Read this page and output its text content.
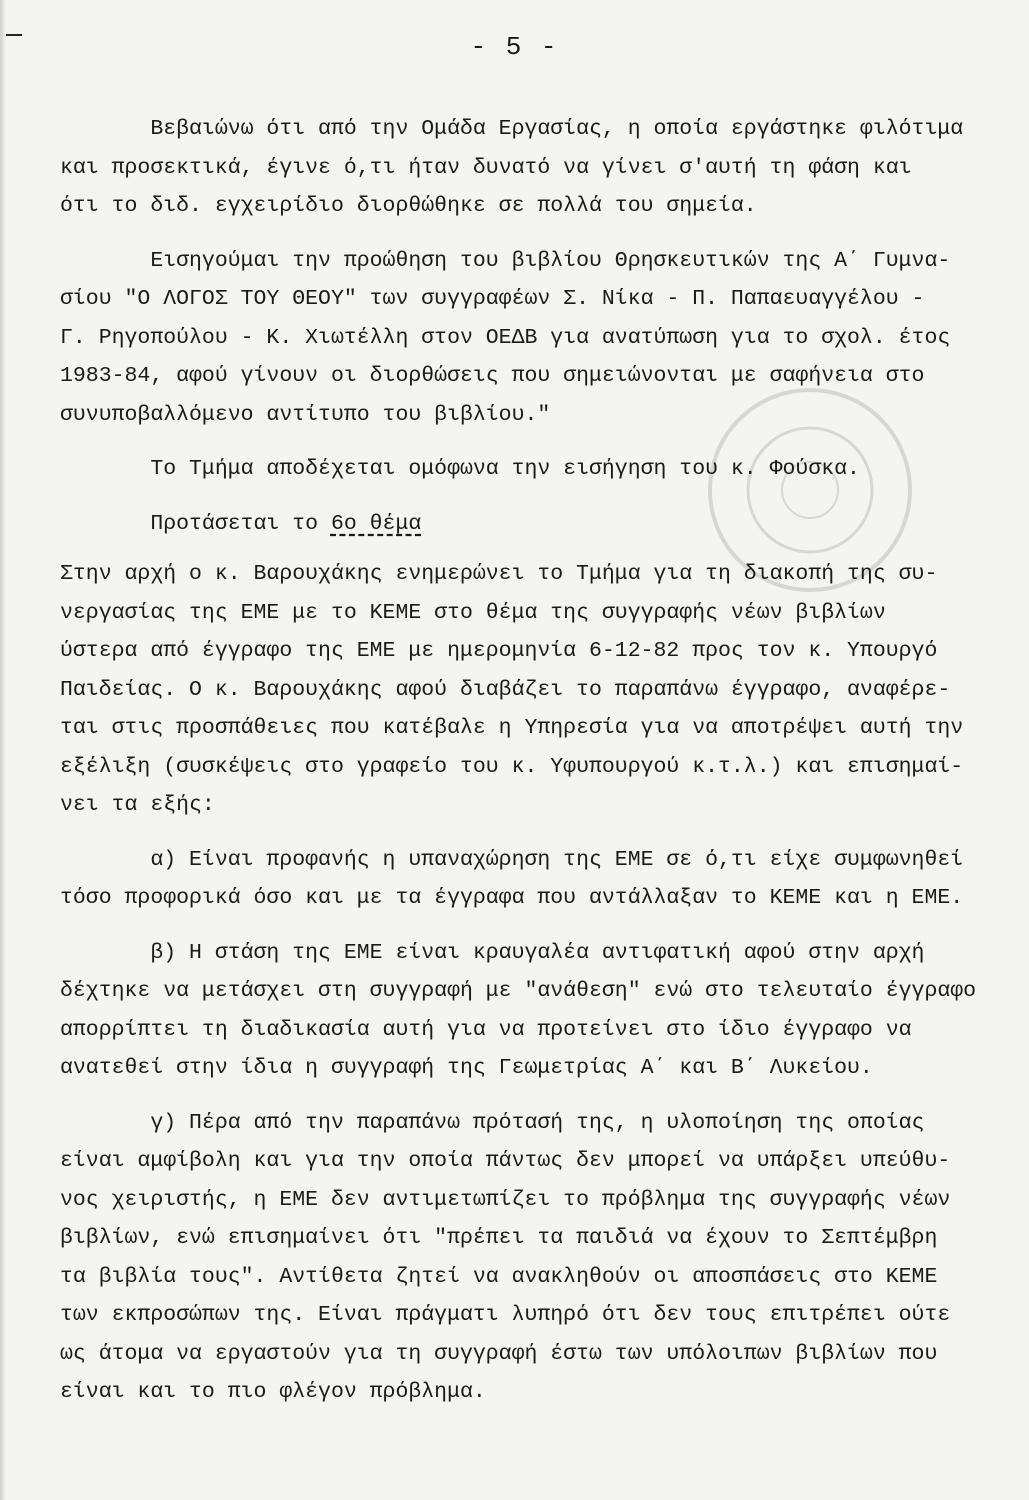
- 5 -

Βεβαιώνω ότι από την Ομάδα Εργασίας, η οποία εργάστηκε φιλότιμα

και προσεκτικά, έγινε ό,τι ήταν δυνατό να γίνει σ'αυτή τη φάση και

ότι το διδ. εγχειρίδιο διορθώθηκε σε πολλά του σημεία.

Εισηγούμαι την προώθηση του βιβλίου Θρησκευτικών της Α΄ Γυμνα-

σίου "Ο ΛΟΓΟΣ ΤΟΥ ΘΕΟΥ" των συγγραφέων Σ. Νίκα - Π. Παπαευαγγέλου -

Γ. Ρηγοπούλου - Κ. Χιωτέλλη στον ΟΕΔΒ για ανατύπωση για το σχολ. έτος

1983-84, αφού γίνουν οι διορθώσεις που σημειώνονται με σαφήνεια στο

συνυποβαλλόμενο αντίτυπο του βιβλίου."

Το Τμήμα αποδέχεται ομόφωνα την εισήγηση του κ. Φούσκα.

Προτάσεται το 6ο θέμα

Στην αρχή ο κ. Βαρουχάκης ενημερώνει το Τμήμα για τη διακοπή της συ-

νεργασίας της ΕΜΕ με το ΚΕΜΕ στο θέμα της συγγραφής νέων βιβλίων

ύστερα από έγγραφο της ΕΜΕ με ημερομηνία 6-12-82 προς τον κ. Υπουργό

Παιδείας. Ο κ. Βαρουχάκης αφού διαβάζει το παραπάνω έγγραφο, αναφέρε-

ται στις προσπάθειες που κατέβαλε η Υπηρεσία για να αποτρέψει αυτή την

εξέλιξη (συσκέψεις στο γραφείο του κ. Υφυπουργού κ.τ.λ.) και επισημαί-

νει τα εξής:

α) Είναι προφανής η υπαναχώρηση της ΕΜΕ σε ό,τι είχε συμφωνηθεί

τόσο προφορικά όσο και με τα έγγραφα που αντάλλαξαν το ΚΕΜΕ και η ΕΜΕ.

β) Η στάση της ΕΜΕ είναι κραυγαλέα αντιφατική αφού στην αρχή

δέχτηκε να μετάσχει στη συγγραφή με "ανάθεση" ενώ στο τελευταίο έγγραφο

απορρίπτει τη διαδικασία αυτή για να προτείνει στο ίδιο έγγραφο να

ανατεθεί στην ίδια η συγγραφή της Γεωμετρίας Α΄ και Β΄ Λυκείου.

γ) Πέρα από την παραπάνω πρότασή της, η υλοποίηση της οποίας

είναι αμφίβολη και για την οποία πάντως δεν μπορεί να υπάρξει υπεύθυ-

νος χειριστής, η ΕΜΕ δεν αντιμετωπίζει το πρόβλημα της συγγραφής νέων

βιβλίων, ενώ επισημαίνει ότι "πρέπει τα παιδιά να έχουν το Σεπτέμβρη

τα βιβλία τους". Αντίθετα ζητεί να ανακληθούν οι αποσπάσεις στο ΚΕΜΕ

των εκπροσώπων της. Είναι πράγματι λυπηρό ότι δεν τους επιτρέπει ούτε

ως άτομα να εργαστούν για τη συγγραφή έστω των υπόλοιπων βιβλίων που

είναι και το πιο φλέγον πρόβλημα.
